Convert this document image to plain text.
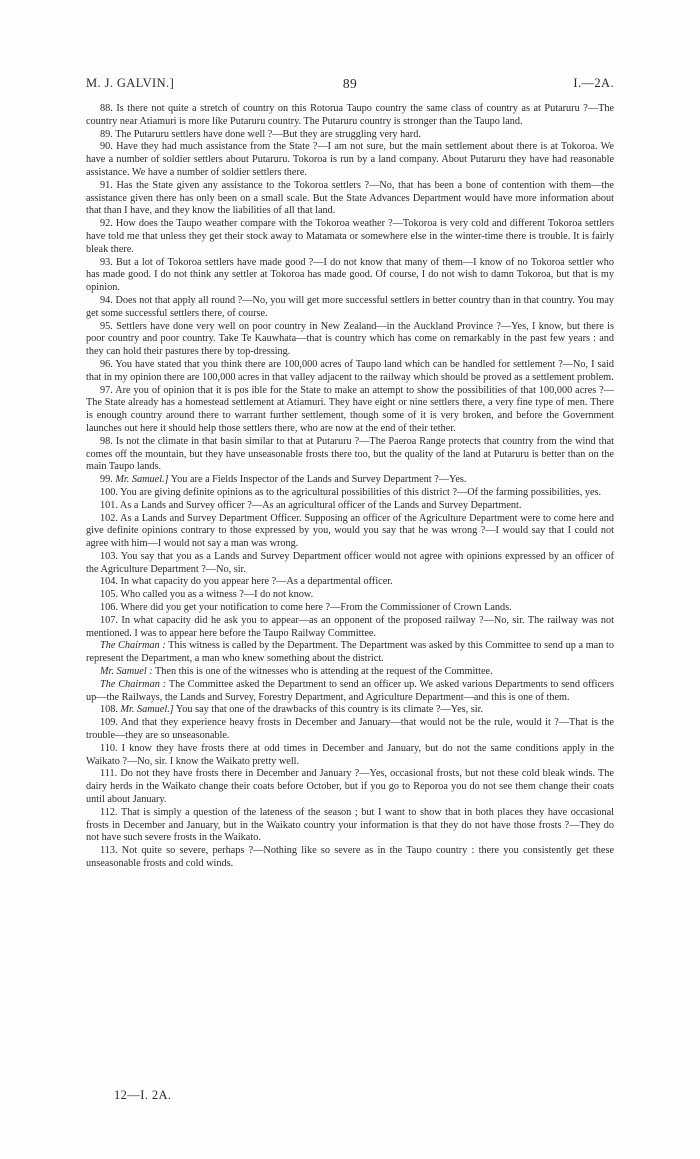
M. J. GALVIN.]	89	I.—2A.

88. Is there not quite a stretch of country on this Rotorua Taupo country the same class of country as at Putaruru ?—The country near Atiamuri is more like Putaruru country. The Putaruru country is stronger than the Taupo land.

89. The Putaruru settlers have done well ?—But they are struggling very hard.

90. Have they had much assistance from the State ?—I am not sure, but the main settlement about there is at Tokoroa. We have a number of soldier settlers about Putaruru. Tokoroa is run by a land company. About Putaruru they have had reasonable assistance. We have a number of soldier settlers there.

91. Has the State given any assistance to the Tokoroa settlers ?—No, that has been a bone of contention with them—the assistance given there has only been on a small scale. But the State Advances Department would have more information about that than I have, and they know the liabilities of all that land.

92. How does the Taupo weather compare with the Tokoroa weather ?—Tokoroa is very cold and different Tokoroa settlers have told me that unless they get their stock away to Matamata or somewhere else in the winter-time there is trouble. It is fairly bleak there.

93. But a lot of Tokoroa settlers have made good ?—I do not know that many of them—I know of no Tokoroa settler who has made good. I do not think any settler at Tokoroa has made good. Of course, I do not wish to damn Tokoroa, but that is my opinion.

94. Does not that apply all round ?—No, you will get more successful settlers in better country than in that country. You may get some successful settlers there, of course.

95. Settlers have done very well on poor country in New Zealand—in the Auckland Province ?—Yes, I know, but there is poor country and poor country. Take Te Kauwhata—that is country which has come on remarkably in the past few years : and they can hold their pastures there by top-dressing.

96. You have stated that you think there are 100,000 acres of Taupo land which can be handled for settlement ?—No, I said that in my opinion there are 100,000 acres in that valley adjacent to the railway which should be proved as a settlement problem.

97. Are you of opinion that it is pos ible for the State to make an attempt to show the possibilities of that 100,000 acres ?—The State already has a homestead settlement at Atiamuri. They have eight or nine settlers there, a very fine type of men. There is enough country around there to warrant further settlement, though some of it is very broken, and before the Government launches out here it should help those settlers there, who are now at the end of their tether.

98. Is not the climate in that basin similar to that at Putaruru ?—The Paeroa Range protects that country from the wind that comes off the mountain, but they have unseasonable frosts there too, but the quality of the land at Putaruru is better than on the main Taupo lands.

99. Mr. Samuel.] You are a Fields Inspector of the Lands and Survey Department ?—Yes.

100. You are giving definite opinions as to the agricultural possibilities of this district ?—Of the farming possibilities, yes.

101. As a Lands and Survey officer ?—As an agricultural officer of the Lands and Survey Department.

102. As a Lands and Survey Department Officer. Supposing an officer of the Agriculture Department were to come here and give definite opinions contrary to those expressed by you, would you say that he was wrong ?—I would say that I could not agree with him—I would not say a man was wrong.

103. You say that you as a Lands and Survey Department officer would not agree with opinions expressed by an officer of the Agriculture Department ?—No, sir.

104. In what capacity do you appear here ?—As a departmental officer.

105. Who called you as a witness ?—I do not know.

106. Where did you get your notification to come here ?—From the Commissioner of Crown Lands.

107. In what capacity did he ask you to appear—as an opponent of the proposed railway ?—No, sir. The railway was not mentioned. I was to appear here before the Taupo Railway Committee.

The Chairman : This witness is called by the Department. The Department was asked by this Committee to send up a man to represent the Department, a man who knew something about the district.

Mr. Samuel : Then this is one of the witnesses who is attending at the request of the Committee.

The Chairman : The Committee asked the Department to send an officer up. We asked various Departments to send officers up—the Railways, the Lands and Survey, Forestry Department, and Agriculture Department—and this is one of them.

108. Mr. Samuel.] You say that one of the drawbacks of this country is its climate ?—Yes, sir.

109. And that they experience heavy frosts in December and January—that would not be the rule, would it ?—That is the trouble—they are so unseasonable.

110. I know they have frosts there at odd times in December and January, but do not the same conditions apply in the Waikato ?—No, sir. I know the Waikato pretty well.

111. Do not they have frosts there in December and January ?—Yes, occasional frosts, but not these cold bleak winds. The dairy herds in the Waikato change their coats before October, but if you go to Reporoa you do not see them change their coats until about January.

112. That is simply a question of the lateness of the season ; but I want to show that in both places they have occasional frosts in December and January, but in the Waikato country your information is that they do not have those frosts ?—They do not have such severe frosts in the Waikato.

113. Not quite so severe, perhaps ?—Nothing like so severe as in the Taupo country : there you consistently get these unseasonable frosts and cold winds.

12—I. 2A.
